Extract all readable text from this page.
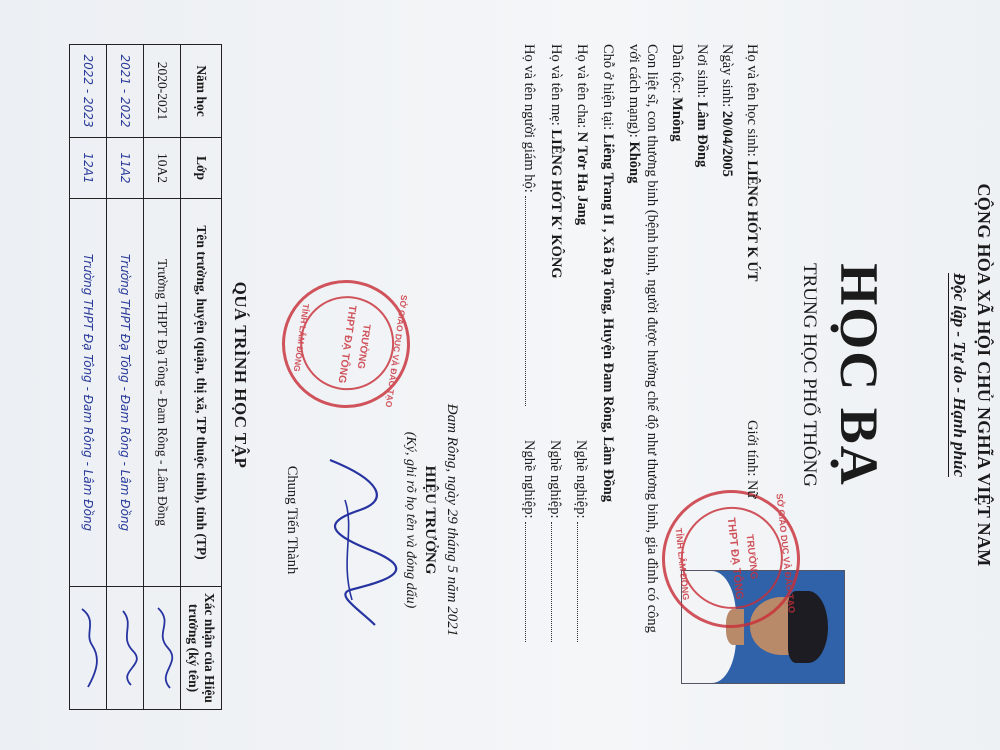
CỘNG HÒA XÃ HỘI CHỦ NGHĨA VIỆT NAM
Độc lập - Tự do - Hạnh phúc
HỌC BẠ
TRUNG HỌC PHỔ THÔNG
SỞ GIÁO DỤC VÀ ĐÀO TẠO
TRƯỜNG
THPT ĐẠ TÔNG
TỈNH LÂM ĐỒNG
Họ và tên học sinh: LIÊNG HÓT K ÚT
Giới tính: Nữ
Ngày sinh: 20/04/2005
Nơi sinh: Lâm Đồng
Dân tộc: Mnông
Con liệt sĩ, con thương binh (bệnh binh, người được hưởng chế độ như thương binh, gia đình có công
với cách mạng): Không
Chỗ ở hiện tại: Liêng Trang II , Xã Đạ Tông, Huyện Đam Rông, Lâm Đồng
Họ và tên cha: N Tơr Ha Jang
Nghề nghiệp:
Họ và tên mẹ: LIÊNG HÓT K' KÔNG
Nghề nghiệp:
Họ và tên người giám hộ:
Nghề nghiệp:
Đam Rông, ngày 29 tháng 5 năm 2021
HIỆU TRƯỞNG
(Ký, ghi rõ họ tên và đóng dấu)
SỞ GIÁO DỤC VÀ ĐÀO TẠO
TRƯỜNG
THPT ĐẠ TÔNG
TỈNH LÂM ĐỒNG
Chung Tiến Thành
QUÁ TRÌNH HỌC TẬP
Năm học	Lớp	Tên trường, huyện (quận, thị xã, TP thuộc tỉnh), tỉnh (TP)	Xác nhận của Hiệu trưởng (ký tên)
2020-2021	10A2	Trường THPT Đạ Tông - Đam Rông - Lâm Đồng	
2021 - 2022	11A2	Trường THPT Đạ Tông - Đam Rông - Lâm Đồng	
2022 - 2023	12A1	Trường THPT Đạ Tông - Đam Rông - Lâm Đồng	
